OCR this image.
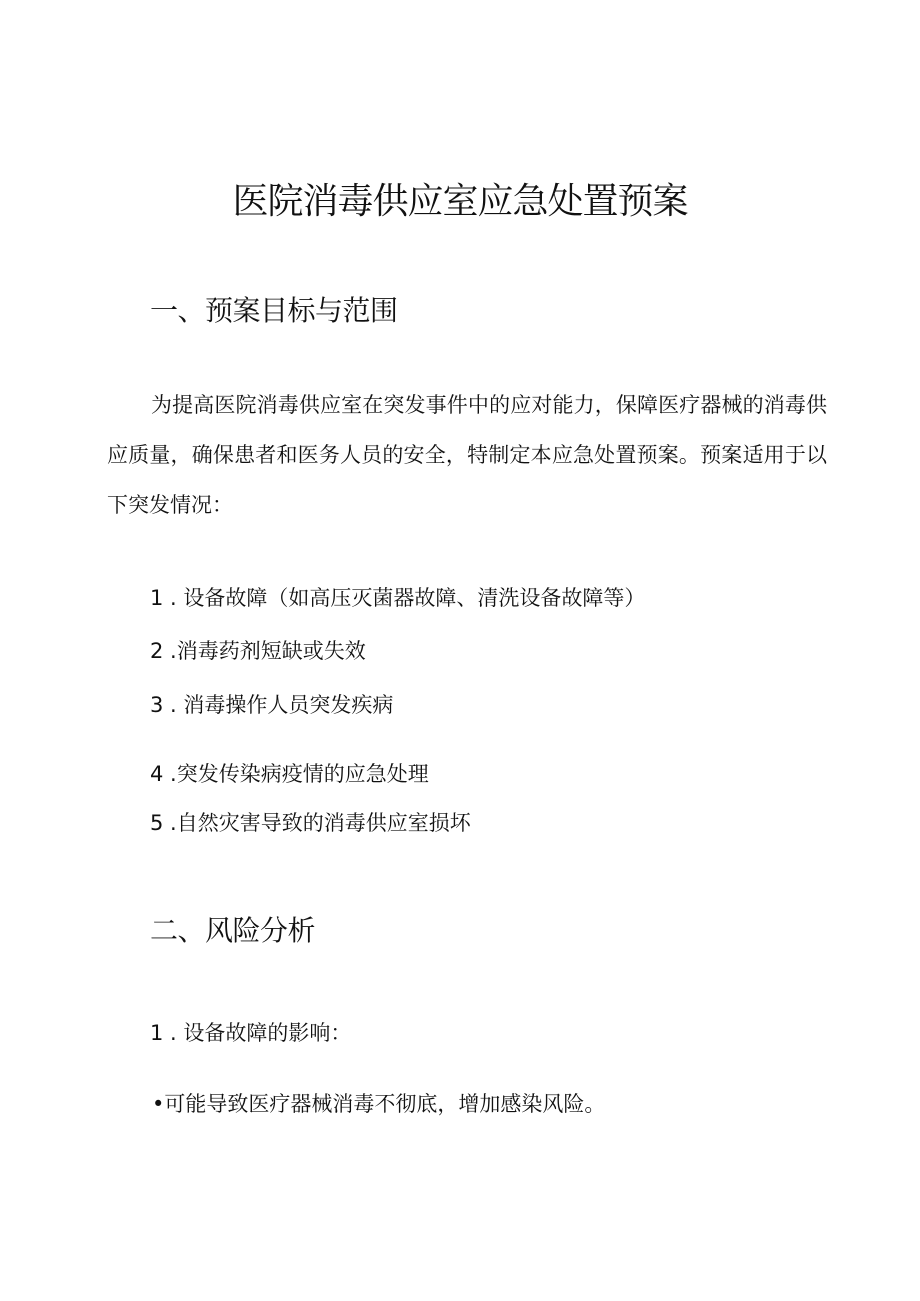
医院消毒供应室应急处置预案
一、预案目标与范围

为提高医院消毒供应室在突发事件中的应对能力，保障医疗器械的消毒供应质量，确保患者和医务人员的安全，特制定本应急处置预案。预案适用于以下突发情况：

1 . 设备故障（如高压灭菌器故障、清洗设备故障等）

2 .消毒药剂短缺或失效

3 . 消毒操作人员突发疾病

4 .突发传染病疫情的应急处理

5 .自然灾害导致的消毒供应室损坏

二、风险分析

1 . 设备故障的影响：

•可能导致医疗器械消毒不彻底，增加感染风险。
